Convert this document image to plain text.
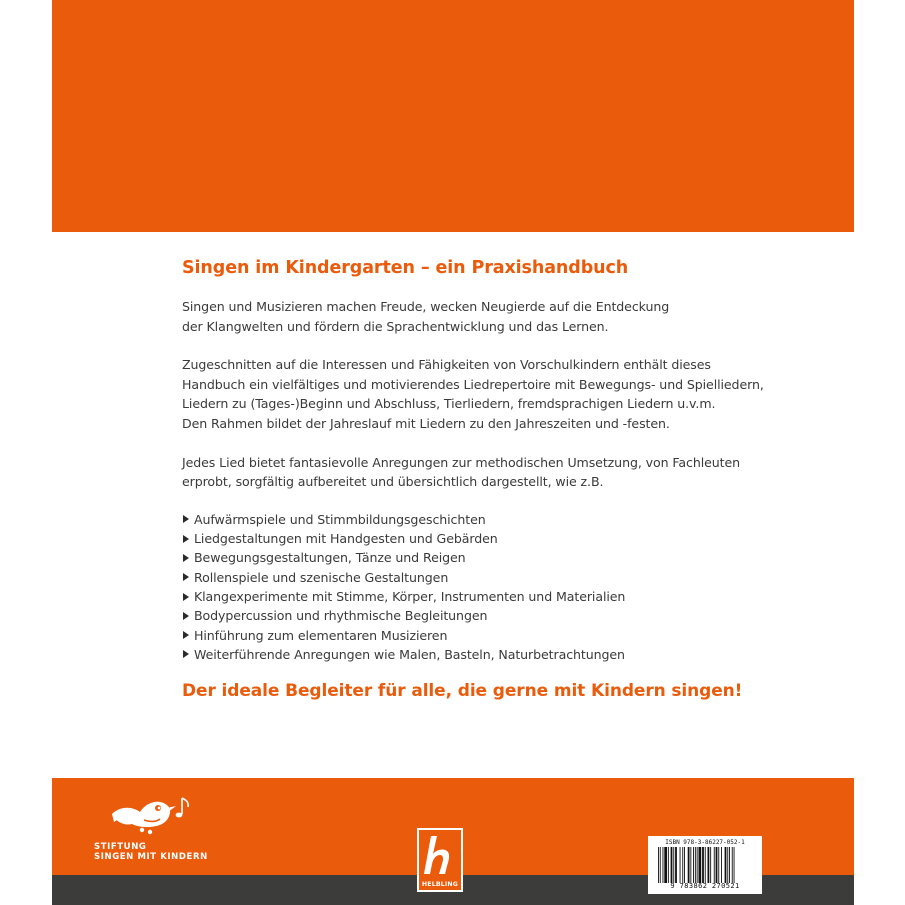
Singen im Kindergarten – ein Praxishandbuch
Singen und Musizieren machen Freude, wecken Neugierde auf die Entdeckung
der Klangwelten und fördern die Sprachentwicklung und das Lernen.
Zugeschnitten auf die Interessen und Fähigkeiten von Vorschulkindern enthält dieses
Handbuch ein vielfältiges und motivierendes Liedrepertoire mit Bewegungs- und Spielliedern,
Liedern zu (Tages-)Beginn und Abschluss, Tierliedern, fremdsprachigen Liedern u.v.m.
Den Rahmen bildet der Jahreslauf mit Liedern zu den Jahreszeiten und -festen.
Jedes Lied bietet fantasievolle Anregungen zur methodischen Umsetzung, von Fachleuten
erprobt, sorgfältig aufbereitet und übersichtlich dargestellt, wie z.B.
Aufwärmspiele und Stimmbildungsgeschichten
Liedgestaltungen mit Handgesten und Gebärden
Bewegungsgestaltungen, Tänze und Reigen
Rollenspiele und szenische Gestaltungen
Klangexperimente mit Stimme, Körper, Instrumenten und Materialien
Bodypercussion und rhythmische Begleitungen
Hinführung zum elementaren Musizieren
Weiterführende Anregungen wie Malen, Basteln, Naturbetrachtungen
Der ideale Begleiter für alle, die gerne mit Kindern singen!
STIFTUNG
SINGEN MIT KINDERN
HELBLING
ISBN 978-3-86227-052-1
9 783862 270521
